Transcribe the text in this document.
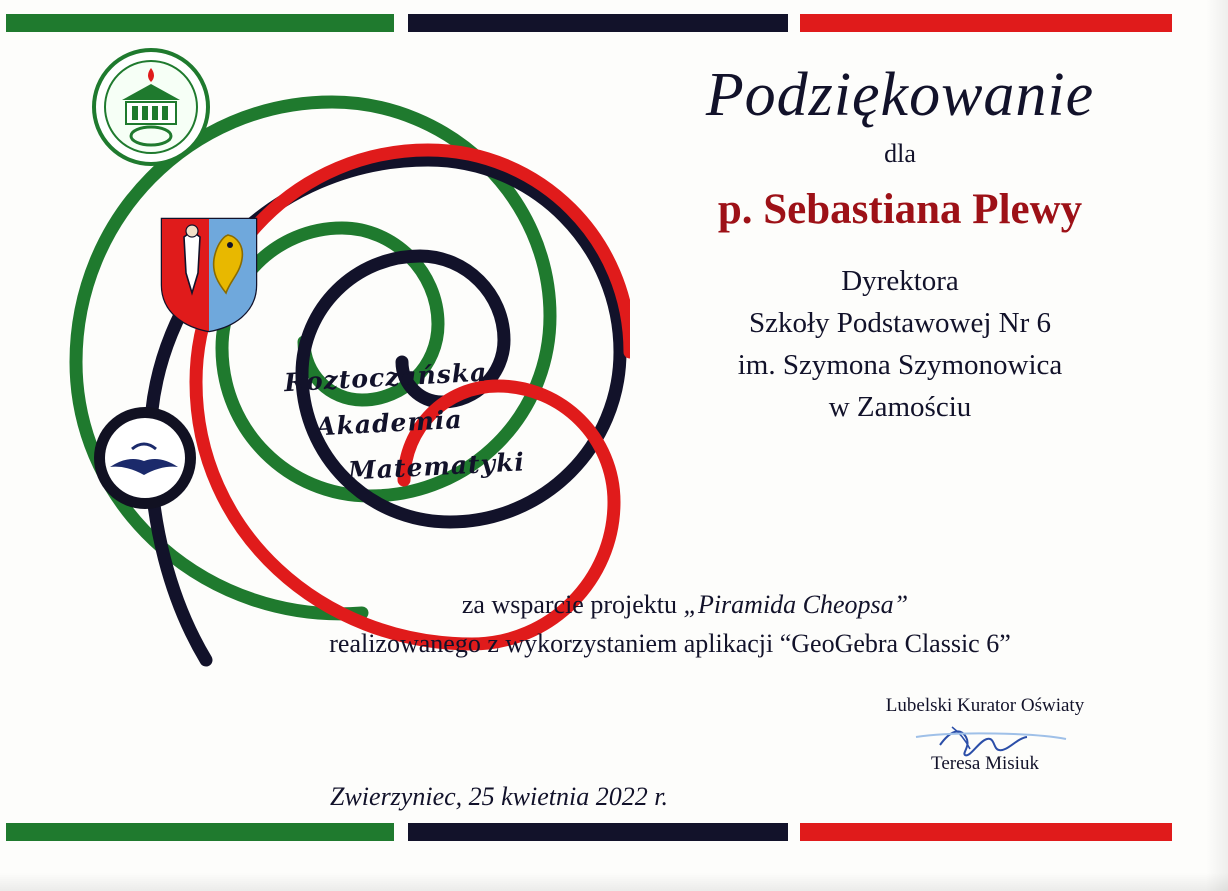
Roztoczańska
Akademia
Matematyki
Podziękowanie
dla
p. Sebastiana Plewy
Dyrektora
Szkoły Podstawowej Nr 6
im. Szymona Szymonowica
w Zamościu
za wsparcie projektu „Piramida Cheopsa”
realizowanego z wykorzystaniem aplikacji “GeoGebra Classic 6”
Lubelski Kurator Oświaty
Teresa Misiuk
Zwierzyniec, 25 kwietnia 2022 r.
